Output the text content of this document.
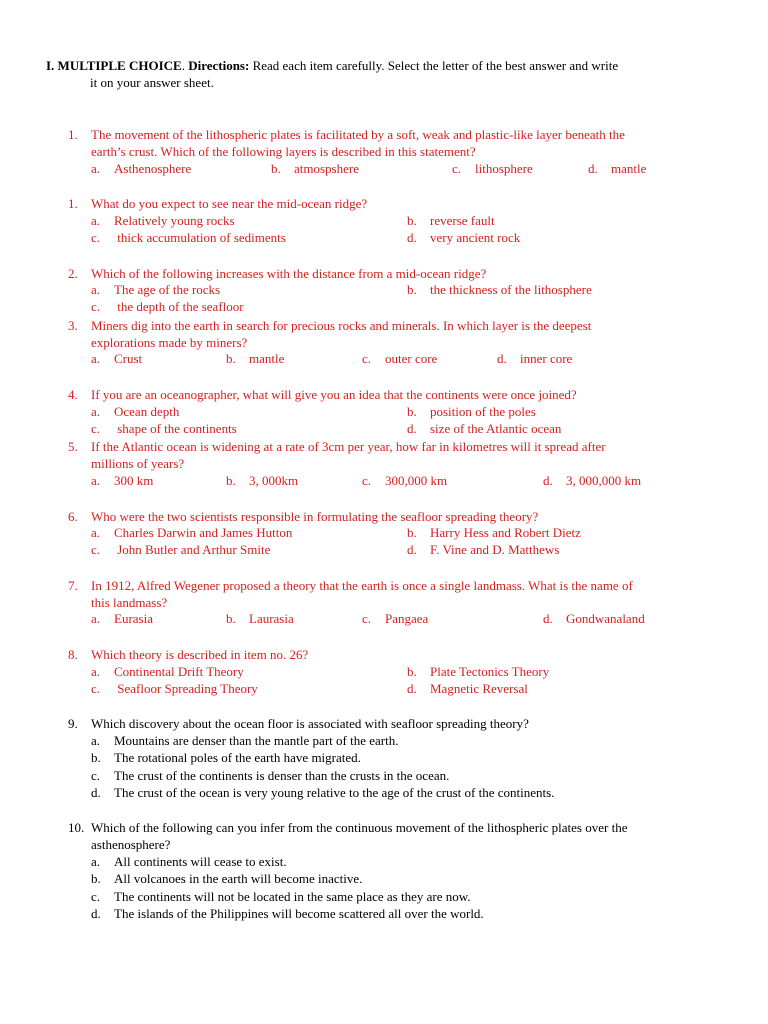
I. MULTIPLE CHOICE. Directions: Read each item carefully. Select the letter of the best answer and write
it on your answer sheet.
1.	The movement of the lithospheric plates is facilitated by a soft, weak and plastic-like layer beneath the
earth’s crust. Which of the following layers is described in this statement?
1.	What do you expect to see near the mid-ocean ridge?
2.	Which of the following increases with the distance from a mid-ocean ridge?
3.	Miners dig into the earth in search for precious rocks and minerals. In which layer is the deepest
explorations made by miners?
4.	If you are an oceanographer, what will give you an idea that the continents were once joined?
5.	If the Atlantic ocean is widening at a rate of 3cm per year, how far in kilometres will it spread after
millions of years?
6.	Who were the two scientists responsible in formulating the seafloor spreading theory?
7.	In 1912, Alfred Wegener proposed a theory that the earth is once a single landmass. What is the name of
this landmass?
8.	Which theory is described in item no. 26?
9.	Which discovery about the ocean floor is associated with seafloor spreading theory?
10. Which of the following can you infer from the continuous movement of the lithospheric plates over the
asthenosphere?
a. Asthenosphere	b. atmospshere	c. lithosphere	d. mantle
a. Relatively young rocks	b. reverse fault
c. thick accumulation of sediments	d. very ancient rock
a. The age of the rocks	b. the thickness of the lithosphere
c. the depth of the seafloor
a. Crust	b. mantle	c. outer core	d. inner core
a. Ocean depth	b. position of the poles
c. shape of the continents	d. size of the Atlantic ocean
a. 300 km	b. 3, 000km	c. 300,000 km	d. 3, 000,000 km
a. Charles Darwin and James Hutton	b. Harry Hess and Robert Dietz
c. John Butler and Arthur Smite	d. F. Vine and D. Matthews
a. Eurasia	b. Laurasia	c. Pangaea	d. Gondwanaland
a. Continental Drift Theory	b. Plate Tectonics Theory
c. Seafloor Spreading Theory	d. Magnetic Reversal
a. Mountains are denser than the mantle part of the earth.
b. The rotational poles of the earth have migrated.
c. The crust of the continents is denser than the crusts in the ocean.
d. The crust of the ocean is very young relative to the age of the crust of the continents.
a. All continents will cease to exist.
b. All volcanoes in the earth will become inactive.
c. The continents will not be located in the same place as they are now.
d. The islands of the Philippines will become scattered all over the world.
